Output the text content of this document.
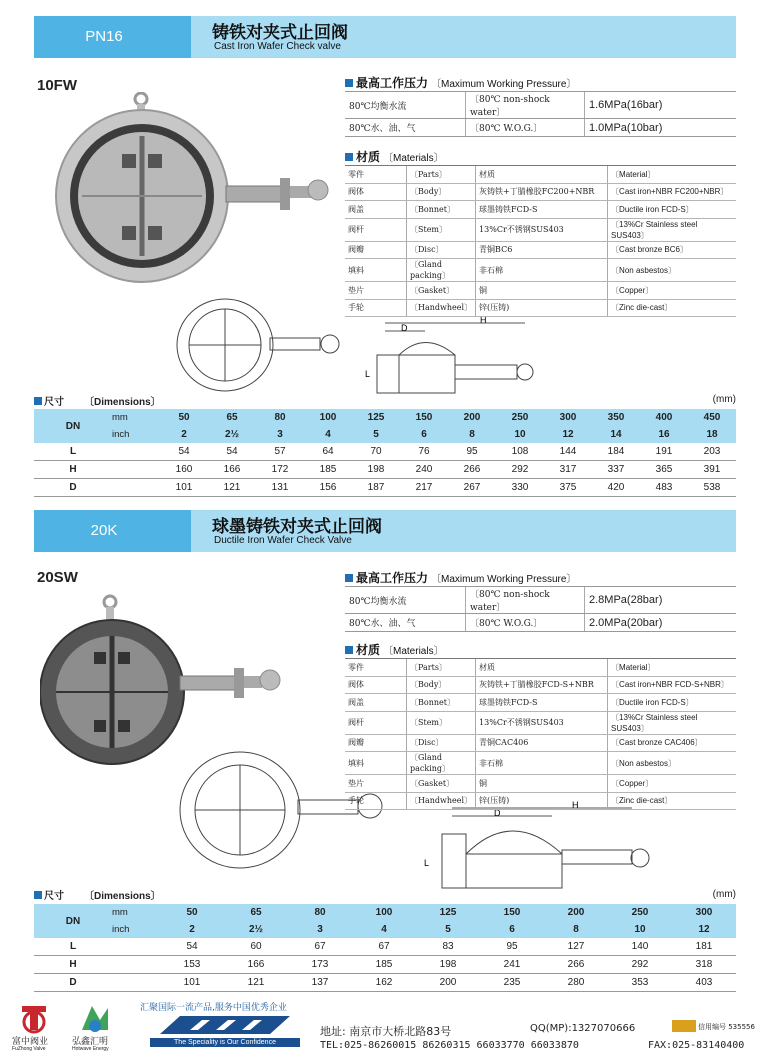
PN16	铸铁对夹式止回阀
Cast Iron Wafer Check valve
10FW
H
D
L
最高工作压力 〔Maximum Working Pressure〕
80℃均衡水流	〔80℃ non-shock water〕	1.6MPa(16bar)
80℃水、油、气	〔80℃ W.O.G.〕	1.0MPa(10bar)
材质 〔Materials〕
零件	〔Parts〕	材质	〔Material〕
阀体	〔Body〕	灰铸铁+丁腈橡胶FC200+NBR	〔Cast iron+NBR FC200+NBR〕
阀盖	〔Bonnet〕	球墨铸铁FCD-S	〔Ductile iron FCD-S〕
阀杆	〔Stem〕	13%Cr不锈钢SUS403	〔13%Cr Stainless steel SUS403〕
阀瓣	〔Disc〕	青铜BC6	〔Cast bronze BC6〕
填料	〔Gland packing〕	非石棉	〔Non asbestos〕
垫片	〔Gasket〕	铜	〔Copper〕
手轮	〔Handwheel〕	锌(压铸)	〔Zinc die-cast〕
尺寸 〔Dimensions〕	(mm)
DN	mm	50	65	80	100	125	150	200	250	300	350	400	450
	inch	2	2½	3	4	5	6	8	10	12	14	16	18
L		54	54	57	64	70	76	95	108	144	184	191	203
H		160	166	172	185	198	240	266	292	317	337	365	391
D		101	121	131	156	187	217	267	330	375	420	483	538
20K	球墨铸铁对夹式止回阀
Ductile Iron Wafer Check Valve
20SW
H
D
L
最高工作压力 〔Maximum Working Pressure〕
80℃均衡水流	〔80℃ non-shock water〕	2.8MPa(28bar)
80℃水、油、气	〔80℃ W.O.G.〕	2.0MPa(20bar)
材质 〔Materials〕
零件	〔Parts〕	材质	〔Material〕
阀体	〔Body〕	灰铸铁+丁腈橡胶FCD-S+NBR	〔Cast iron+NBR FCD-S+NBR〕
阀盖	〔Bonnet〕	球墨铸铁FCD-S	〔Ductile iron FCD-S〕
阀杆	〔Stem〕	13%Cr不锈钢SUS403	〔13%Cr Stainless steel SUS403〕
阀瓣	〔Disc〕	青铜CAC406	〔Cast bronze CAC406〕
填料	〔Gland packing〕	非石棉	〔Non asbestos〕
垫片	〔Gasket〕	铜	〔Copper〕
手轮	〔Handwheel〕	锌(压铸)	〔Zinc die-cast〕
尺寸 〔Dimensions〕	(mm)
DN	mm	50	65	80	100	125	150	200	250	300	
	inch	2	2½	3	4	5	6	8	10	12	
L		54	60	67	67	83	95	127	140	181	
H		153	166	173	185	198	241	266	292	318	
D		101	121	137	162	200	235	280	353	403	
富中阀业
FuZhong Valve
弘鑫汇明
Hotwave Energy
汇聚国际一流产品,服务中国优秀企业
The Speciality is Our Confidence
地址: 南京市大桥北路83号	QQ(MP):1327070666	信用编号 535556
TEL:025-86260015 86260315 66033770 66033870	FAX:025-83140400
